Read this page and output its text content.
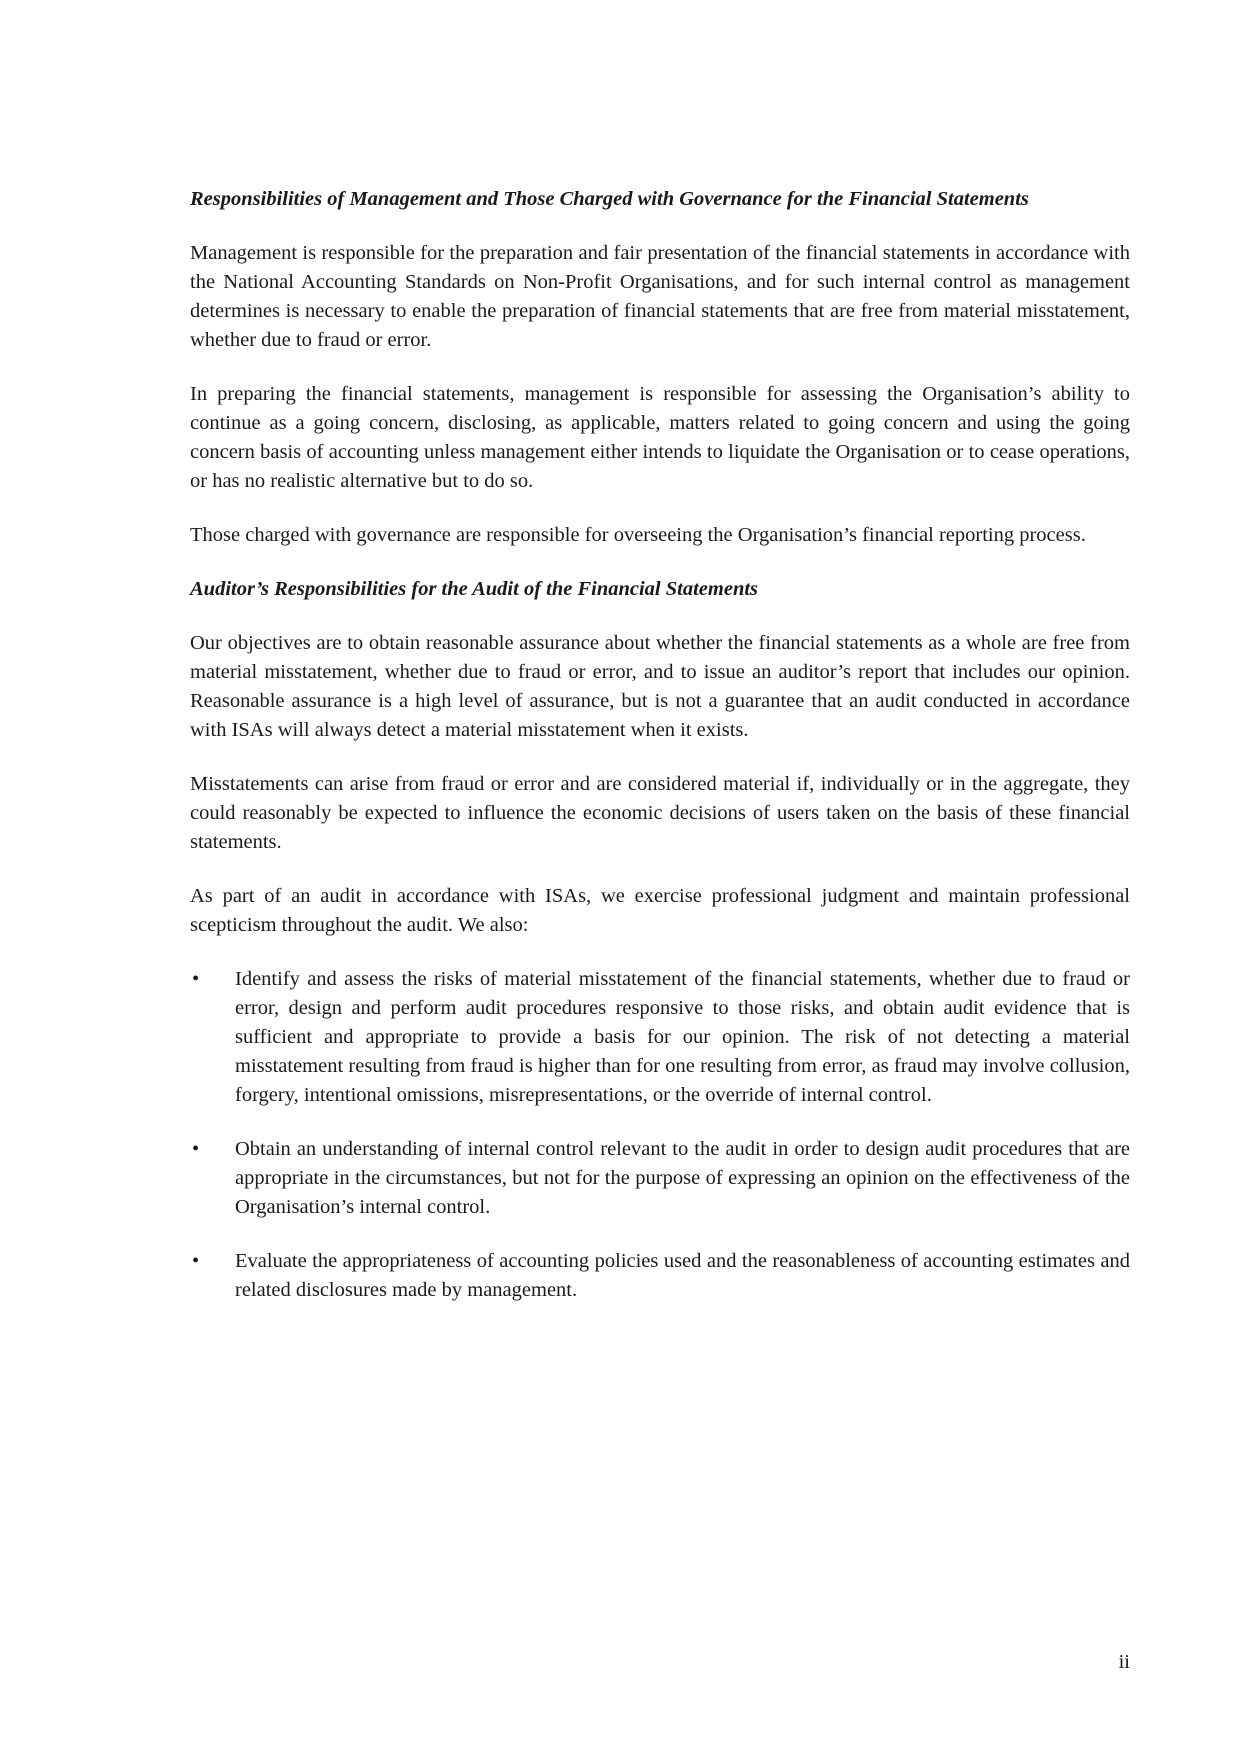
Responsibilities of Management and Those Charged with Governance for the Financial Statements

Management is responsible for the preparation and fair presentation of the financial statements in accordance with the National Accounting Standards on Non-Profit Organisations, and for such internal control as management determines is necessary to enable the preparation of financial statements that are free from material misstatement, whether due to fraud or error.

In preparing the financial statements, management is responsible for assessing the Organisation’s ability to continue as a going concern, disclosing, as applicable, matters related to going concern and using the going concern basis of accounting unless management either intends to liquidate the Organisation or to cease operations, or has no realistic alternative but to do so.

Those charged with governance are responsible for overseeing the Organisation’s financial reporting process.

Auditor’s Responsibilities for the Audit of the Financial Statements

Our objectives are to obtain reasonable assurance about whether the financial statements as a whole are free from material misstatement, whether due to fraud or error, and to issue an auditor’s report that includes our opinion. Reasonable assurance is a high level of assurance, but is not a guarantee that an audit conducted in accordance with ISAs will always detect a material misstatement when it exists.

Misstatements can arise from fraud or error and are considered material if, individually or in the aggregate, they could reasonably be expected to influence the economic decisions of users taken on the basis of these financial statements.

As part of an audit in accordance with ISAs, we exercise professional judgment and maintain professional scepticism throughout the audit. We also:

• Identify and assess the risks of material misstatement of the financial statements, whether due to fraud or error, design and perform audit procedures responsive to those risks, and obtain audit evidence that is sufficient and appropriate to provide a basis for our opinion. The risk of not detecting a material misstatement resulting from fraud is higher than for one resulting from error, as fraud may involve collusion, forgery, intentional omissions, misrepresentations, or the override of internal control.
• Obtain an understanding of internal control relevant to the audit in order to design audit procedures that are appropriate in the circumstances, but not for the purpose of expressing an opinion on the effectiveness of the Organisation’s internal control.
• Evaluate the appropriateness of accounting policies used and the reasonableness of accounting estimates and related disclosures made by management.
ii
